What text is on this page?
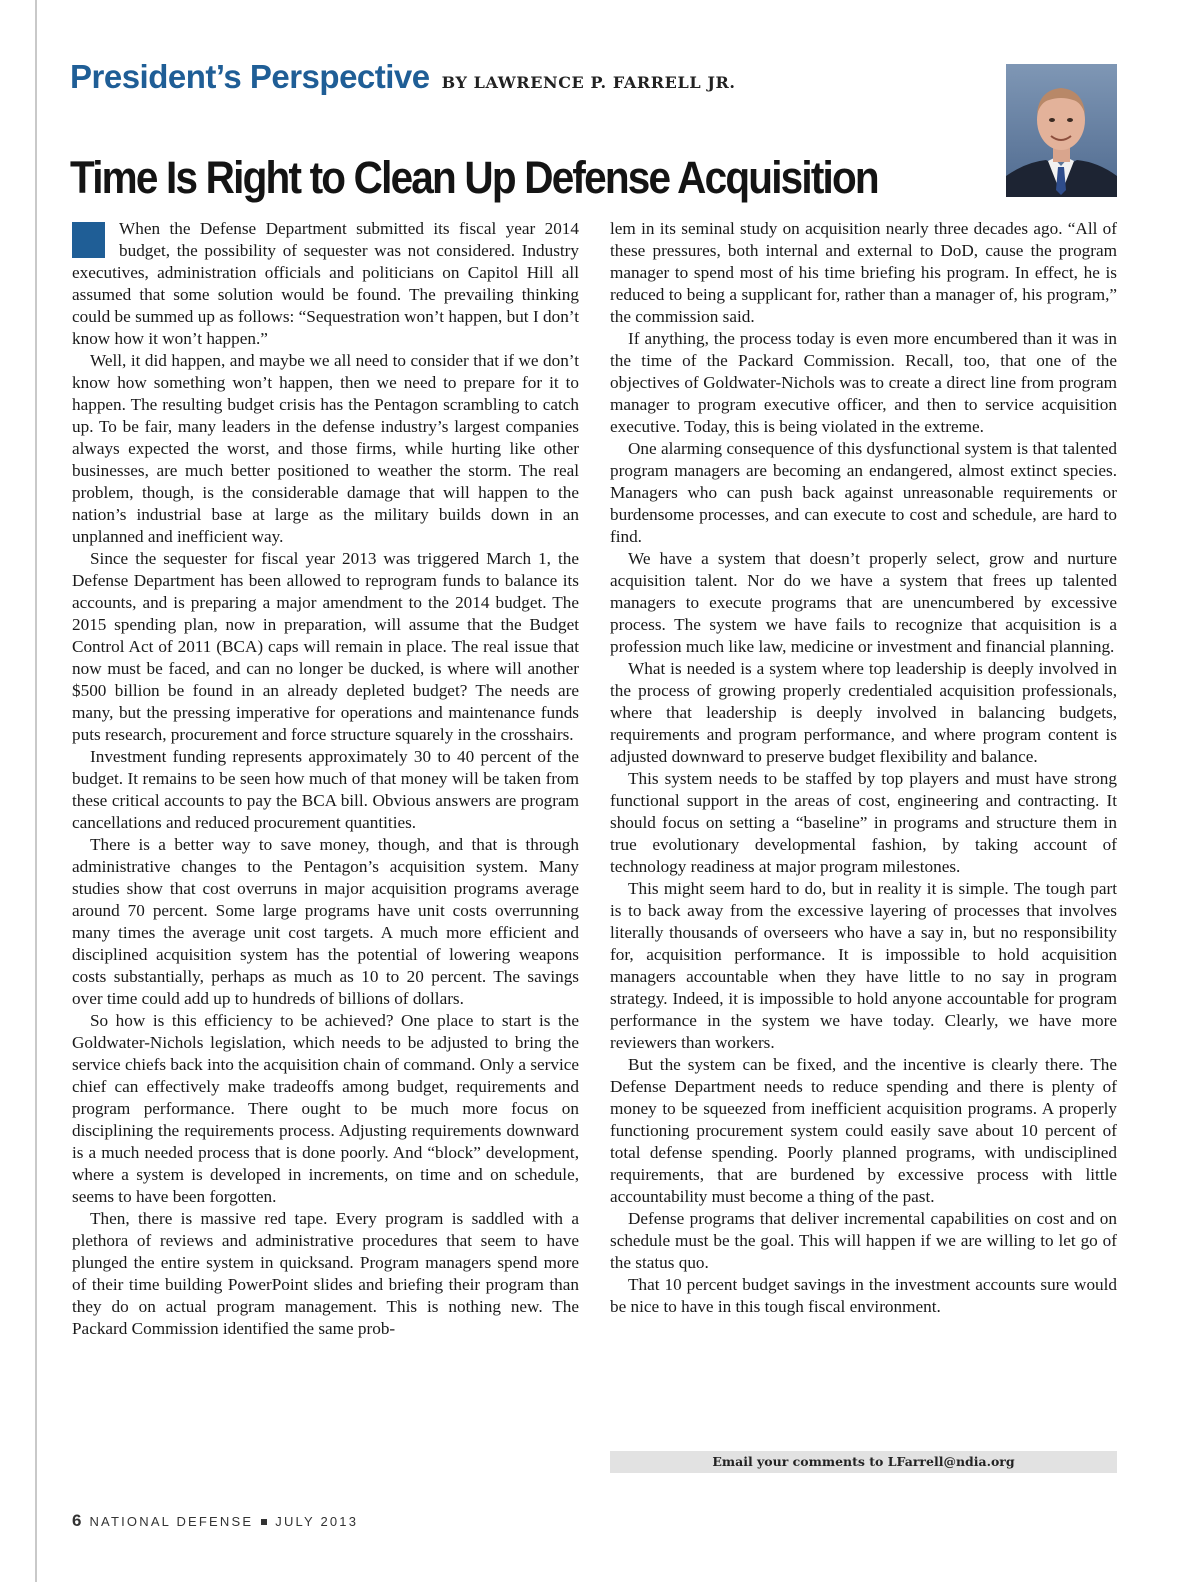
President’s Perspective BY LAWRENCE P. FARRELL JR.
Time Is Right to Clean Up Defense Acquisition

When the Defense Department submitted its fiscal year 2014 budget, the possibility of sequester was not considered. Industry executives, administration officials and politicians on Capitol Hill all assumed that some solution would be found. The prevailing thinking could be summed up as follows: “Sequestration won’t happen, but I don’t know how it won’t happen.”

Well, it did happen, and maybe we all need to consider that if we don’t know how something won’t happen, then we need to prepare for it to happen. The resulting budget crisis has the Pentagon scrambling to catch up. To be fair, many leaders in the defense industry’s largest companies always expected the worst, and those firms, while hurting like other businesses, are much better positioned to weather the storm. The real problem, though, is the considerable damage that will happen to the nation’s industrial base at large as the military builds down in an unplanned and inefficient way.

Since the sequester for fiscal year 2013 was triggered March 1, the Defense Department has been allowed to reprogram funds to balance its accounts, and is preparing a major amendment to the 2014 budget. The 2015 spending plan, now in preparation, will assume that the Budget Control Act of 2011 (BCA) caps will remain in place. The real issue that now must be faced, and can no longer be ducked, is where will another $500 billion be found in an already depleted budget? The needs are many, but the pressing imperative for operations and maintenance funds puts research, procurement and force structure squarely in the crosshairs.

Investment funding represents approximately 30 to 40 percent of the budget. It remains to be seen how much of that money will be taken from these critical accounts to pay the BCA bill. Obvious answers are program cancellations and reduced procurement quantities.

There is a better way to save money, though, and that is through administrative changes to the Pentagon’s acquisition system. Many studies show that cost overruns in major acquisition programs average around 70 percent. Some large programs have unit costs overrunning many times the average unit cost targets. A much more efficient and disciplined acquisition system has the potential of lowering weapons costs substantially, perhaps as much as 10 to 20 percent. The savings over time could add up to hundreds of billions of dollars.

So how is this efficiency to be achieved? One place to start is the Goldwater-Nichols legislation, which needs to be adjusted to bring the service chiefs back into the acquisition chain of command. Only a service chief can effectively make tradeoffs among budget, requirements and program performance. There ought to be much more focus on disciplining the requirements process. Adjusting requirements downward is a much needed process that is done poorly. And “block” development, where a system is developed in increments, on time and on schedule, seems to have been forgotten.

Then, there is massive red tape. Every program is saddled with a plethora of reviews and administrative procedures that seem to have plunged the entire system in quicksand. Program managers spend more of their time building PowerPoint slides and briefing their program than they do on actual program management. This is nothing new. The Packard Commission identified the same prob-

lem in its seminal study on acquisition nearly three decades ago. “All of these pressures, both internal and external to DoD, cause the program manager to spend most of his time briefing his program. In effect, he is reduced to being a supplicant for, rather than a manager of, his program,” the commission said.

If anything, the process today is even more encumbered than it was in the time of the Packard Commission. Recall, too, that one of the objectives of Goldwater-Nichols was to create a direct line from program manager to program executive officer, and then to service acquisition executive. Today, this is being violated in the extreme.

One alarming consequence of this dysfunctional system is that talented program managers are becoming an endangered, almost extinct species. Managers who can push back against unreasonable requirements or burdensome processes, and can execute to cost and schedule, are hard to find.

We have a system that doesn’t properly select, grow and nurture acquisition talent. Nor do we have a system that frees up talented managers to execute programs that are unencumbered by excessive process. The system we have fails to recognize that acquisition is a profession much like law, medicine or investment and financial planning.

What is needed is a system where top leadership is deeply involved in the process of growing properly credentialed acquisition professionals, where that leadership is deeply involved in balancing budgets, requirements and program performance, and where program content is adjusted downward to preserve budget flexibility and balance.

This system needs to be staffed by top players and must have strong functional support in the areas of cost, engineering and contracting. It should focus on setting a “baseline” in programs and structure them in true evolutionary developmental fashion, by taking account of technology readiness at major program milestones.

This might seem hard to do, but in reality it is simple. The tough part is to back away from the excessive layering of processes that involves literally thousands of overseers who have a say in, but no responsibility for, acquisition performance. It is impossible to hold acquisition managers accountable when they have little to no say in program strategy. Indeed, it is impossible to hold anyone accountable for program performance in the system we have today. Clearly, we have more reviewers than workers.

But the system can be fixed, and the incentive is clearly there. The Defense Department needs to reduce spending and there is plenty of money to be squeezed from inefficient acquisition programs. A properly functioning procurement system could easily save about 10 percent of total defense spending. Poorly planned programs, with undisciplined requirements, that are burdened by excessive process with little accountability must become a thing of the past.

Defense programs that deliver incremental capabilities on cost and on schedule must be the goal. This will happen if we are willing to let go of the status quo.

That 10 percent budget savings in the investment accounts sure would be nice to have in this tough fiscal environment.

Email your comments to LFarrell@ndia.org
6 NATIONAL DEFENSE JULY 2013
